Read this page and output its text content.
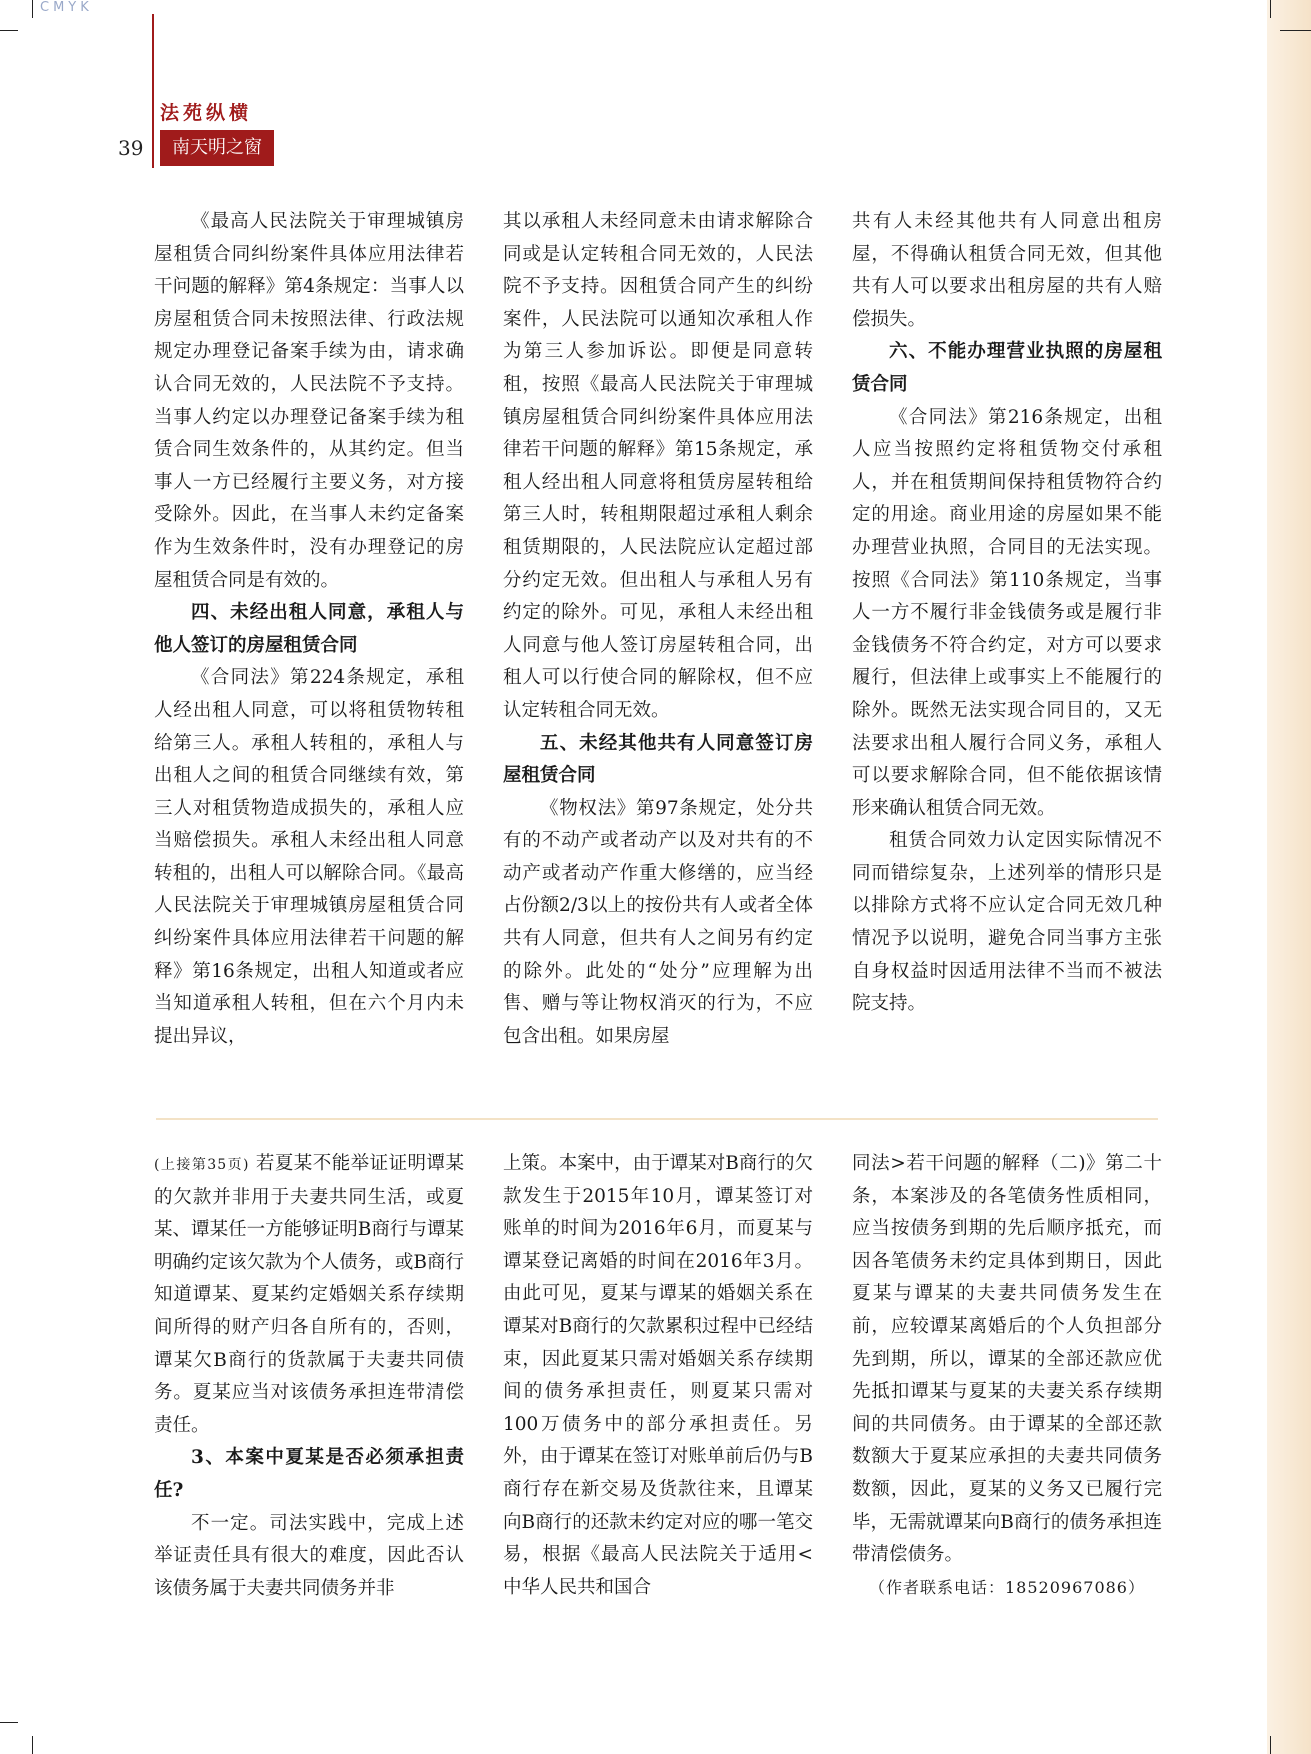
CMYK
法苑纵横
39	南天明之窗

《最高人民法院关于审理城镇房屋租赁合同纠纷案件具体应用法律若干问题的解释》第4条规定：当事人以房屋租赁合同未按照法律、行政法规规定办理登记备案手续为由，请求确认合同无效的，人民法院不予支持。当事人约定以办理登记备案手续为租赁合同生效条件的，从其约定。但当事人一方已经履行主要义务，对方接受除外。因此，在当事人未约定备案作为生效条件时，没有办理登记的房屋租赁合同是有效的。

四、未经出租人同意，承租人与他人签订的房屋租赁合同

《合同法》第224条规定，承租人经出租人同意，可以将租赁物转租给第三人。承租人转租的，承租人与出租人之间的租赁合同继续有效，第三人对租赁物造成损失的，承租人应当赔偿损失。承租人未经出租人同意转租的，出租人可以解除合同。《最高人民法院关于审理城镇房屋租赁合同纠纷案件具体应用法律若干问题的解释》第16条规定，出租人知道或者应当知道承租人转租，但在六个月内未提出异议，

其以承租人未经同意未由请求解除合同或是认定转租合同无效的，人民法院不予支持。因租赁合同产生的纠纷案件，人民法院可以通知次承租人作为第三人参加诉讼。即便是同意转租，按照《最高人民法院关于审理城镇房屋租赁合同纠纷案件具体应用法律若干问题的解释》第15条规定，承租人经出租人同意将租赁房屋转租给第三人时，转租期限超过承租人剩余租赁期限的，人民法院应认定超过部分约定无效。但出租人与承租人另有约定的除外。可见，承租人未经出租人同意与他人签订房屋转租合同，出租人可以行使合同的解除权，但不应认定转租合同无效。

五、未经其他共有人同意签订房屋租赁合同

《物权法》第97条规定，处分共有的不动产或者动产以及对共有的不动产或者动产作重大修缮的，应当经占份额2/3以上的按份共有人或者全体共有人同意，但共有人之间另有约定的除外。此处的“处分”应理解为出售、赠与等让物权消灭的行为，不应包含出租。如果房屋

共有人未经其他共有人同意出租房屋，不得确认租赁合同无效，但其他共有人可以要求出租房屋的共有人赔偿损失。

六、不能办理营业执照的房屋租赁合同

《合同法》第216条规定，出租人应当按照约定将租赁物交付承租人，并在租赁期间保持租赁物符合约定的用途。商业用途的房屋如果不能办理营业执照，合同目的无法实现。按照《合同法》第110条规定，当事人一方不履行非金钱债务或是履行非金钱债务不符合约定，对方可以要求履行，但法律上或事实上不能履行的除外。既然无法实现合同目的，又无法要求出租人履行合同义务，承租人可以要求解除合同，但不能依据该情形来确认租赁合同无效。

租赁合同效力认定因实际情况不同而错综复杂，上述列举的情形只是以排除方式将不应认定合同无效几种情况予以说明，避免合同当事方主张自身权益时因适用法律不当而不被法院支持。

(上接第35页) 若夏某不能举证证明谭某的欠款并非用于夫妻共同生活，或夏某、谭某任一方能够证明B商行与谭某明确约定该欠款为个人债务，或B商行知道谭某、夏某约定婚姻关系存续期间所得的财产归各自所有的，否则，谭某欠B商行的货款属于夫妻共同债务。夏某应当对该债务承担连带清偿责任。

3、本案中夏某是否必须承担责任?

不一定。司法实践中，完成上述举证责任具有很大的难度，因此否认该债务属于夫妻共同债务并非

上策。本案中，由于谭某对B商行的欠款发生于2015年10月，谭某签订对账单的时间为2016年6月，而夏某与谭某登记离婚的时间在2016年3月。由此可见，夏某与谭某的婚姻关系在谭某对B商行的欠款累积过程中已经结束，因此夏某只需对婚姻关系存续期间的债务承担责任，则夏某只需对100万债务中的部分承担责任。另外，由于谭某在签订对账单前后仍与B商行存在新交易及货款往来，且谭某向B商行的还款未约定对应的哪一笔交易，根据《最高人民法院关于适用<中华人民共和国合

同法>若干问题的解释（二)》第二十条，本案涉及的各笔债务性质相同，应当按债务到期的先后顺序抵充，而因各笔债务未约定具体到期日，因此夏某与谭某的夫妻共同债务发生在前，应较谭某离婚后的个人负担部分先到期，所以，谭某的全部还款应优先抵扣谭某与夏某的夫妻关系存续期间的共同债务。由于谭某的全部还款数额大于夏某应承担的夫妻共同债务数额，因此，夏某的义务又已履行完毕，无需就谭某向B商行的债务承担连带清偿债务。

（作者联系电话：18520967086）
